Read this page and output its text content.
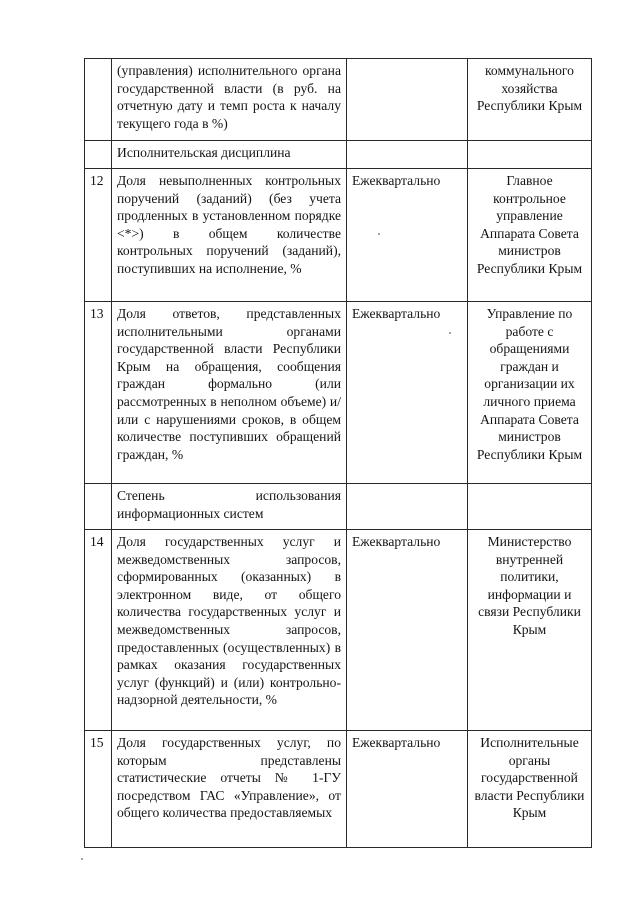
	(управления) исполнительного органа государственной власти (в руб. на отчетную дату и темп роста к началу текущего года в %)		коммунального хозяйства Республики Крым
	Исполнительская дисциплина		
12	Доля невыполненных контрольных поручений (заданий) (без учета продленных в установленном порядке <*>) в общем количестве контрольных поручений (заданий), поступивших на исполнение, %	Ежеквартально	Главное контрольное управление Аппарата Совета министров Республики Крым
13	Доля ответов, представленных исполнительными органами государственной власти Республики Крым на обращения, сообщения граждан формально (или рассмотренных в неполном объеме) и/или с нарушениями сроков, в общем количестве поступивших обращений граждан, %	Ежеквартально	Управление по работе с обращениями граждан и организации их личного приема Аппарата Совета министров Республики Крым
	Степень использования информационных систем		
14	Доля государственных услуг и межведомственных запросов, сформированных (оказанных) в электронном виде, от общего количества государственных услуг и межведомственных запросов, предоставленных (осуществленных) в рамках оказания государственных услуг (функций) и (или) контрольно-надзорной деятельности, %	Ежеквартально	Министерство внутренней политики, информации и связи Республики Крым
15	Доля государственных услуг, по которым представлены статистические отчеты № 1-ГУ посредством ГАС «Управление», от общего количества предоставляемых	Ежеквартально	Исполнительные органы государственной власти Республики Крым
